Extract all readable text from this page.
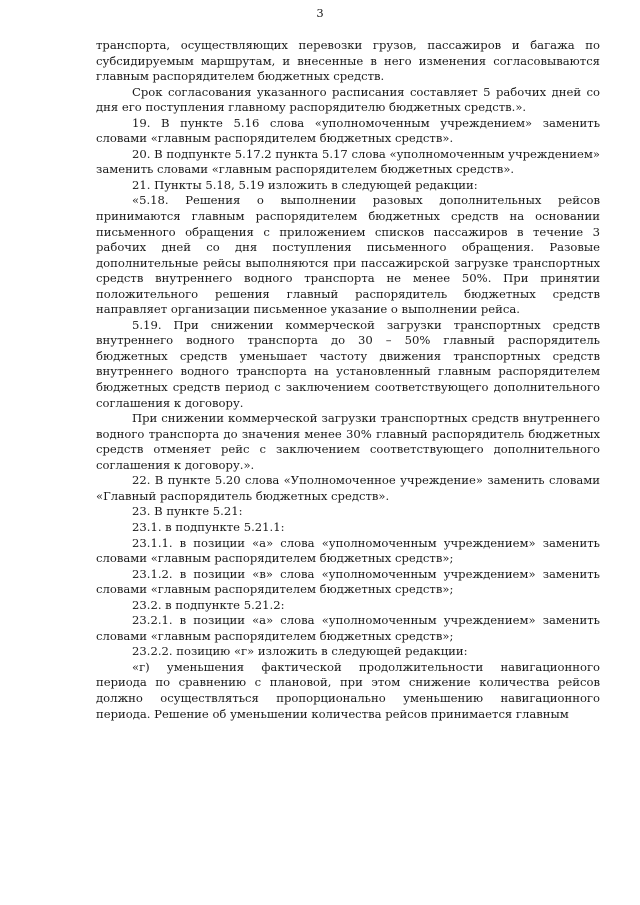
3

транспорта, осуществляющих перевозки грузов, пассажиров и багажа по субсидируемым маршрутам, и внесенные в него изменения согласовываются главным распорядителем бюджетных средств.

Срок согласования указанного расписания составляет 5 рабочих дней со дня его поступления главному распорядителю бюджетных средств.».

19. В пункте 5.16 слова «уполномоченным учреждением» заменить словами «главным распорядителем бюджетных средств».

20. В подпункте 5.17.2 пункта 5.17 слова «уполномоченным учреждением» заменить словами «главным распорядителем бюджетных средств».

21. Пункты 5.18, 5.19 изложить в следующей редакции:

«5.18. Решения о выполнении разовых дополнительных рейсов принимаются главным распорядителем бюджетных средств на основании письменного обращения с приложением списков пассажиров в течение 3 рабочих дней со дня поступления письменного обращения. Разовые дополнительные рейсы выполняются при пассажирской загрузке транспортных средств внутреннего водного транспорта не менее 50%. При принятии положительного решения главный распорядитель бюджетных средств направляет организации письменное указание о выполнении рейса.

5.19. При снижении коммерческой загрузки транспортных средств внутреннего водного транспорта до 30 – 50% главный распорядитель бюджетных средств уменьшает частоту движения транспортных средств внутреннего водного транспорта на установленный главным распорядителем бюджетных средств период с заключением соответствующего дополнительного соглашения к договору.

При снижении коммерческой загрузки транспортных средств внутреннего водного транспорта до значения менее 30% главный распорядитель бюджетных средств отменяет рейс с заключением соответствующего дополнительного соглашения к договору.».

22. В пункте 5.20 слова «Уполномоченное учреждение» заменить словами «Главный распорядитель бюджетных средств».

23. В пункте 5.21:

23.1. в подпункте 5.21.1:

23.1.1. в позиции «а» слова «уполномоченным учреждением» заменить словами «главным распорядителем бюджетных средств»;

23.1.2. в позиции «в» слова «уполномоченным учреждением» заменить словами «главным распорядителем бюджетных средств»;

23.2. в подпункте 5.21.2:

23.2.1. в позиции «а» слова «уполномоченным учреждением» заменить словами «главным распорядителем бюджетных средств»;

23.2.2. позицию «г» изложить в следующей редакции:

«г) уменьшения фактической продолжительности навигационного периода по сравнению с плановой, при этом снижение количества рейсов должно осуществляться пропорционально уменьшению навигационного периода. Решение об уменьшении количества рейсов принимается главным
